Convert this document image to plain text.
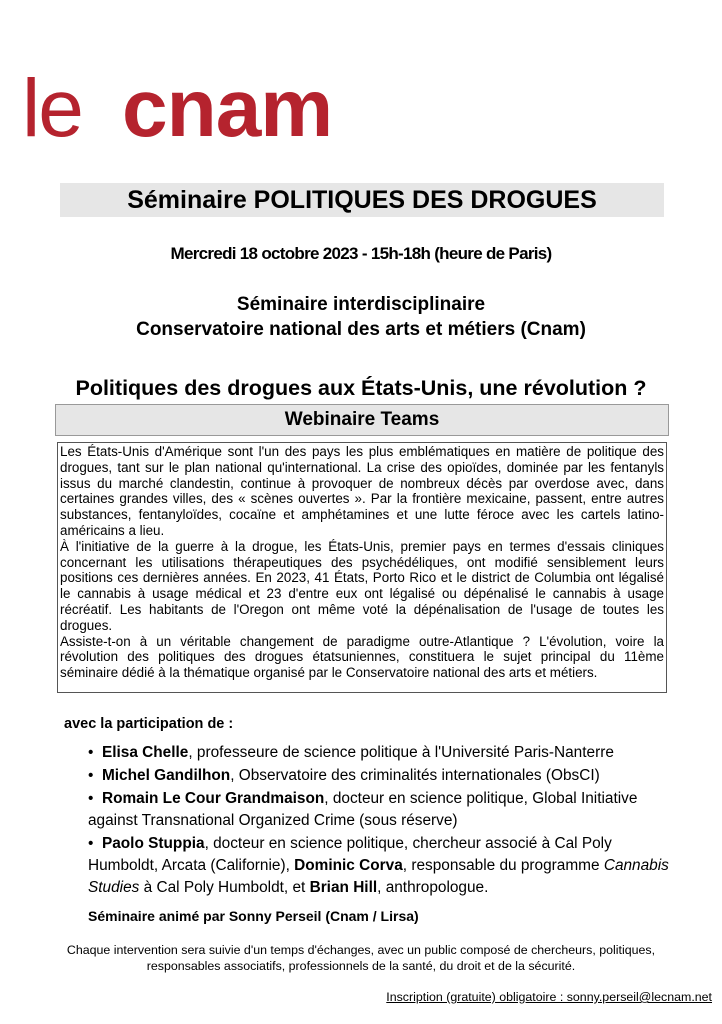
le cnam
Séminaire POLITIQUES DES DROGUES
Mercredi 18 octobre 2023 - 15h-18h (heure de Paris)
Séminaire interdisciplinaire
Conservatoire national des arts et métiers (Cnam)
Politiques des drogues aux États-Unis, une révolution ?
Webinaire Teams

Les États-Unis d'Amérique sont l'un des pays les plus emblématiques en matière de politique des drogues, tant sur le plan national qu'international. La crise des opioïdes, dominée par les fentanyls issus du marché clandestin, continue à provoquer de nombreux décès par overdose avec, dans certaines grandes villes, des « scènes ouvertes ». Par la frontière mexicaine, passent, entre autres substances, fentanyloïdes, cocaïne et amphétamines et une lutte féroce avec les cartels latino-américains a lieu.

À l'initiative de la guerre à la drogue, les États-Unis, premier pays en termes d'essais cliniques concernant les utilisations thérapeutiques des psychédéliques, ont modifié sensiblement leurs positions ces dernières années. En 2023, 41 États, Porto Rico et le district de Columbia ont légalisé le cannabis à usage médical et 23 d'entre eux ont légalisé ou dépénalisé le cannabis à usage récréatif. Les habitants de l'Oregon ont même voté la dépénalisation de l'usage de toutes les drogues.

Assiste-t-on à un véritable changement de paradigme outre-Atlantique ? L'évolution, voire la révolution des politiques des drogues étatsuniennes, constituera le sujet principal du 11ème séminaire dédié à la thématique organisé par le Conservatoire national des arts et métiers.

avec la participation de :
•  Elisa Chelle, professeure de science politique à l'Université Paris-Nanterre
•  Michel Gandilhon, Observatoire des criminalités internationales (ObsCI)
•  Romain Le Cour Grandmaison, docteur en science politique, Global Initiative against Transnational Organized Crime (sous réserve)
•  Paolo Stuppia, docteur en science politique, chercheur associé à Cal Poly Humboldt, Arcata (Californie), Dominic Corva, responsable du programme Cannabis Studies à Cal Poly Humboldt, et Brian Hill, anthropologue.
Séminaire animé par Sonny Perseil (Cnam / Lirsa)
Chaque intervention sera suivie d'un temps d'échanges, avec un public composé de chercheurs, politiques,
responsables associatifs, professionnels de la santé, du droit et de la sécurité.
Inscription (gratuite) obligatoire : sonny.perseil@lecnam.net
